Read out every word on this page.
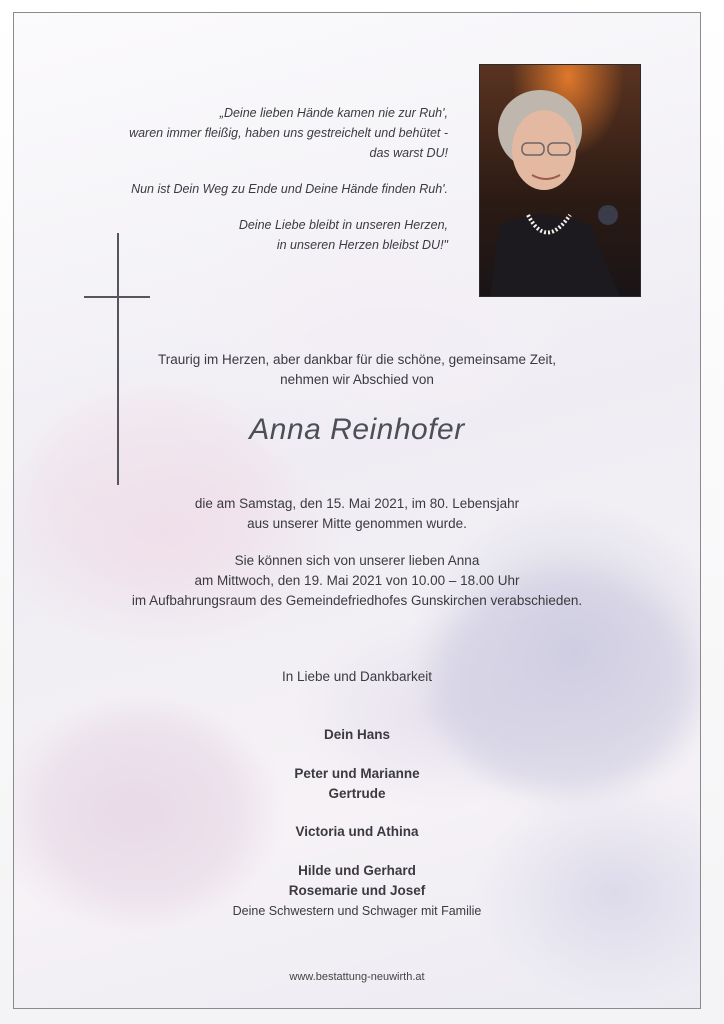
„Deine lieben Hände kamen nie zur Ruh',
waren immer fleißig, haben uns gestreichelt und behütet -
das warst DU!

Nun ist Dein Weg zu Ende und Deine Hände finden Ruh'.

Deine Liebe bleibt in unseren Herzen,
in unseren Herzen bleibst DU!"

Traurig im Herzen, aber dankbar für die schöne, gemeinsame Zeit,
nehmen wir Abschied von
Anna Reinhofer
die am Samstag, den 15. Mai 2021, im 80. Lebensjahr
aus unserer Mitte genommen wurde.
Sie können sich von unserer lieben Anna
am Mittwoch, den 19. Mai 2021 von 10.00 – 18.00 Uhr
im Aufbahrungsraum des Gemeindefriedhofes Gunskirchen verabschieden.
In Liebe und Dankbarkeit
Dein Hans
Peter und Marianne
Gertrude
Victoria und Athina
Hilde und Gerhard
Rosemarie und Josef
Deine Schwestern und Schwager mit Familie
www.bestattung-neuwirth.at
